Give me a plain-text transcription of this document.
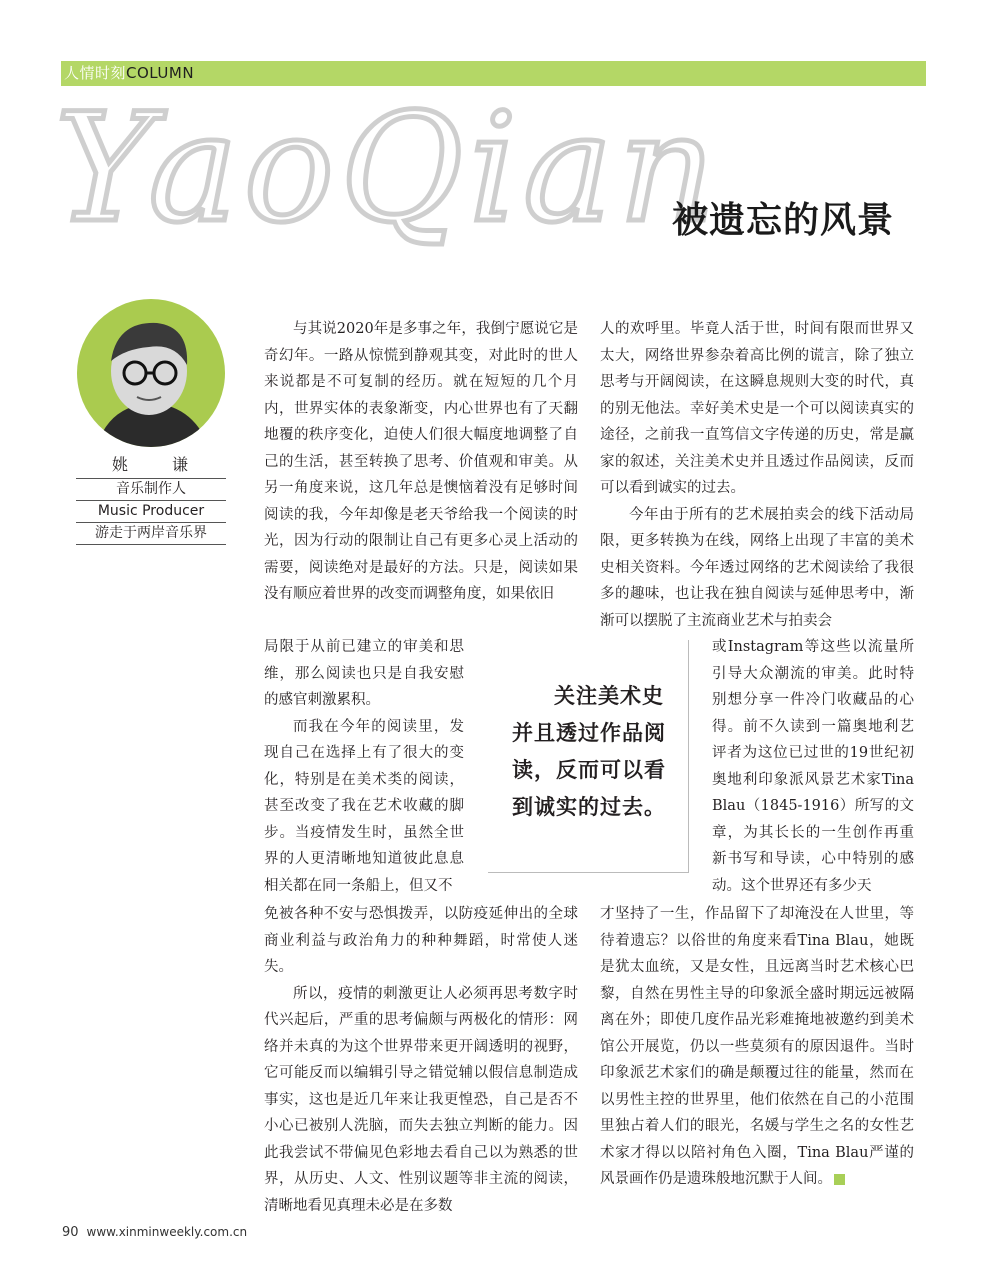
人情时刻COLUMN
YaoQian
被遗忘的风景
姚　谦
音乐制作人
Music Producer
游走于两岸音乐界

与其说2020年是多事之年，我倒宁愿说它是奇幻年。一路从惊慌到静观其变，对此时的世人来说都是不可复制的经历。就在短短的几个月内，世界实体的表象渐变，内心世界也有了天翻地覆的秩序变化，迫使人们很大幅度地调整了自己的生活，甚至转换了思考、价值观和审美。从另一角度来说，这几年总是懊恼着没有足够时间阅读的我，今年却像是老天爷给我一个阅读的时光，因为行动的限制让自己有更多心灵上活动的需要，阅读绝对是最好的方法。只是，阅读如果没有顺应着世界的改变而调整角度，如果依旧

局限于从前已建立的审美和思维，那么阅读也只是自我安慰的感官刺激累积。

而我在今年的阅读里，发现自己在选择上有了很大的变化，特别是在美术类的阅读，甚至改变了我在艺术收藏的脚步。当疫情发生时，虽然全世界的人更清晰地知道彼此息息相关都在同一条船上，但又不

免被各种不安与恐惧拨弄，以防疫延伸出的全球商业利益与政治角力的种种舞蹈，时常使人迷失。

所以，疫情的刺激更让人必须再思考数字时代兴起后，严重的思考偏颇与两极化的情形：网络并未真的为这个世界带来更开阔透明的视野，它可能反而以编辑引导之错觉辅以假信息制造成事实，这也是近几年来让我更惶恐，自己是否不小心已被别人洗脑，而失去独立判断的能力。因此我尝试不带偏见色彩地去看自己以为熟悉的世界，从历史、人文、性别议题等非主流的阅读，清晰地看见真理未必是在多数

关注美术史并且透过作品阅读，反而可以看到诚实的过去。

人的欢呼里。毕竟人活于世，时间有限而世界又太大，网络世界参杂着高比例的谎言，除了独立思考与开阔阅读，在这瞬息规则大变的时代，真的别无他法。幸好美术史是一个可以阅读真实的途径，之前我一直笃信文字传递的历史，常是赢家的叙述，关注美术史并且透过作品阅读，反而可以看到诚实的过去。

今年由于所有的艺术展拍卖会的线下活动局限，更多转换为在线，网络上出现了丰富的美术史相关资料。今年透过网络的艺术阅读给了我很多的趣味，也让我在独自阅读与延伸思考中，渐渐可以摆脱了主流商业艺术与拍卖会

或Instagram等这些以流量所引导大众潮流的审美。此时特别想分享一件冷门收藏品的心得。前不久读到一篇奥地利艺评者为这位已过世的19世纪初奥地利印象派风景艺术家Tina Blau（1845-1916）所写的文章，为其长长的一生创作再重新书写和导读，心中特别的感动。这个世界还有多少天

才坚持了一生，作品留下了却淹没在人世里，等待着遗忘？以俗世的角度来看Tina Blau，她既是犹太血统，又是女性，且远离当时艺术核心巴黎，自然在男性主导的印象派全盛时期远远被隔离在外；即使几度作品光彩难掩地被邀约到美术馆公开展览，仍以一些莫须有的原因退件。当时印象派艺术家们的确是颠覆过往的能量，然而在以男性主控的世界里，他们依然在自己的小范围里独占着人们的眼光，名媛与学生之名的女性艺术家才得以以陪衬角色入圈，Tina Blau严谨的风景画作仍是遗珠般地沉默于人间。

90 www.xinminweekly.com.cn
